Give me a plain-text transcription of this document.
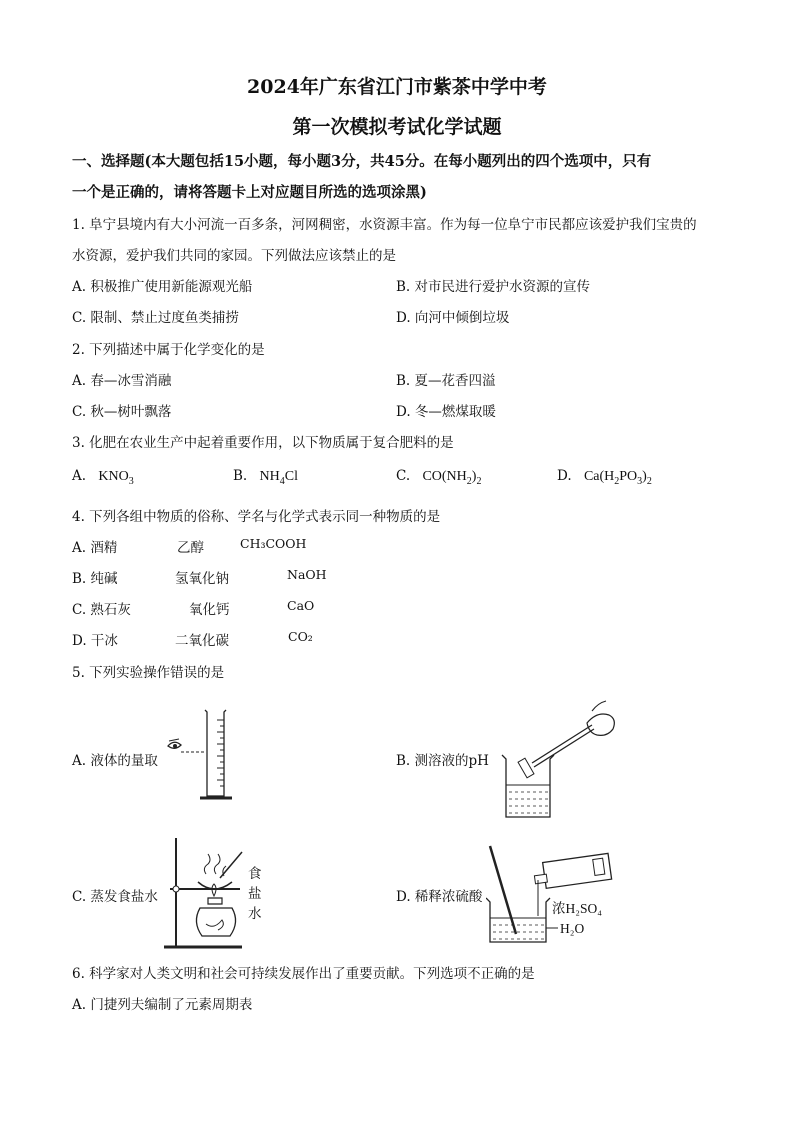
2024年广东省江门市紫茶中学中考
第一次模拟考试化学试题
一、选择题(本大题包括15小题，每小题3分，共45分。在每小题列出的四个选项中，只有
一个是正确的，请将答题卡上对应题目所选的选项涂黑)
1. 阜宁县境内有大小河流一百多条，河网稠密，水资源丰富。作为每一位阜宁市民都应该爱护我们宝贵的
水资源，爱护我们共同的家园。下列做法应该禁止的是
A. 积极推广使用新能源观光船	B. 对市民进行爱护水资源的宣传
C. 限制、禁止过度鱼类捕捞	D. 向河中倾倒垃圾
2. 下列描述中属于化学变化的是
A. 春—冰雪消融	B. 夏—花香四溢
C. 秋—树叶飘落	D. 冬—燃煤取暖
3. 化肥在农业生产中起着重要作用，以下物质属于复合肥料的是
A. $KNO_3$	B. $NH_4Cl$	C. $CO(NH_2)_2$	D. $Ca(H_2PO_3)_2$
4. 下列各组中物质的俗称、学名与化学式表示同一种物质的是
A. 酒精	乙醇	CH₃COOH
B. 纯碱	氢氧化钠	NaOH
C. 熟石灰	氧化钙	CaO
D. 干冰	二氧化碳	CO₂
5. 下列实验操作错误的是
A. 液体的量取	B. 测溶液的pH
C. 蒸发食盐水
食
盐
水
D. 稀释浓硫酸
浓H₂SO₄
H₂O
6. 科学家对人类文明和社会可持续发展作出了重要贡献。下列选项不正确的是
A. 门捷列夫编制了元素周期表
